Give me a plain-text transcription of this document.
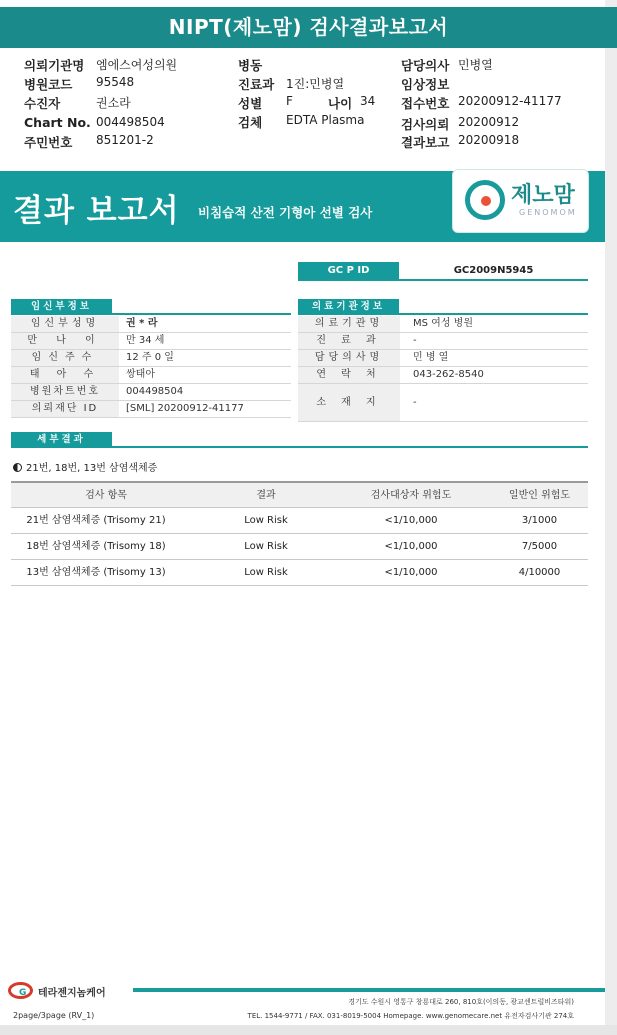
NIPT(제노맘) 검사결과보고서
의뢰기관명 엠에스여성의원
병원코드 95548
수진자	권소라
Chart No. 004498504
주민번호 851201-2
병동
진료과 1진:민병열
성별 F	나이 34
검체 EDTA Plasma
담당의사 민병열
임상정보
접수번호 20200912-41177
검사의뢰 20200912
결과보고 20200918
결과 보고서 비침습적 산전 기형아 선별 검사
제노맘
GENOMOM
GC P ID	GC2009N5945
임신부정보
임신부성명	권 * 라
만 나 이	만 34 세
임신주수	12 주 0 일
태 아 수	쌍태아
병원차트번호	004498504
의뢰재단 ID	[SML] 20200912-41177
의료기관정보
의료기관명	MS 여성 병원
진 료 과	-
담당의사명	민 병 열
연 락 처	043-262-8540
소 재 지	-
세부결과
21번, 18번, 13번 삼염색체증
검사 항목	결과	검사대상자 위험도	일반인 위험도
21번 삼염색체증 (Trisomy 21)	Low Risk	<1/10,000	3/1000
18번 삼염색체증 (Trisomy 18)	Low Risk	<1/10,000	7/5000
13번 삼염색체증 (Trisomy 13)	Low Risk	<1/10,000	4/10000
G 테라젠지놈케어
경기도 수원시 영통구 창룡대로 260, 810호(이의동, 광교센트럴비즈타워)
2page/3page (RV_1)	TEL. 1544-9771 / FAX. 031-8019-5004 Homepage. www.genomecare.net 유전자검사기관 274호
